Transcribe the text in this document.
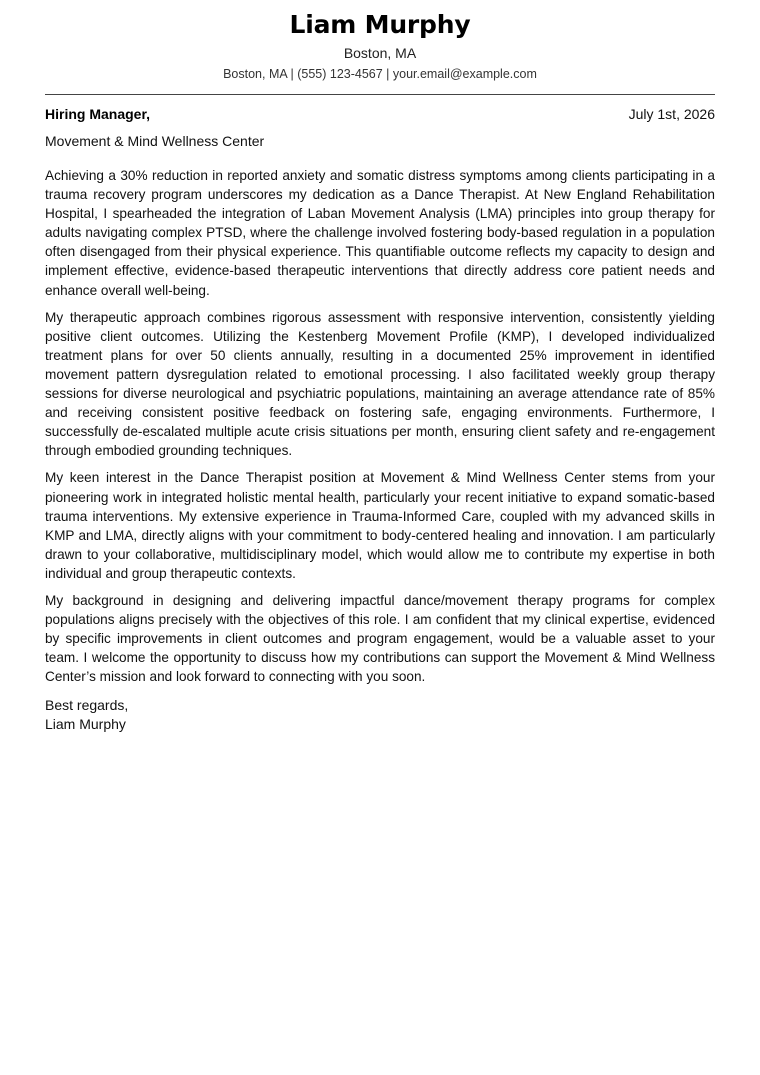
Liam Murphy
Boston, MA
Boston, MA | (555) 123-4567 | your.email@example.com
Hiring Manager,	July 1st, 2026
Movement & Mind Wellness Center

Achieving a 30% reduction in reported anxiety and somatic distress symptoms among clients participating in a trauma recovery program underscores my dedication as a Dance Therapist. At New England Rehabilitation Hospital, I spearheaded the integration of Laban Movement Analysis (LMA) principles into group therapy for adults navigating complex PTSD, where the challenge involved fostering body-based regulation in a population often disengaged from their physical experience. This quantifiable outcome reflects my capacity to design and implement effective, evidence-based therapeutic interventions that directly address core patient needs and enhance overall well-being.

My therapeutic approach combines rigorous assessment with responsive intervention, consistently yielding positive client outcomes. Utilizing the Kestenberg Movement Profile (KMP), I developed individualized treatment plans for over 50 clients annually, resulting in a documented 25% improvement in identified movement pattern dysregulation related to emotional processing. I also facilitated weekly group therapy sessions for diverse neurological and psychiatric populations, maintaining an average attendance rate of 85% and receiving consistent positive feedback on fostering safe, engaging environments. Furthermore, I successfully de-escalated multiple acute crisis situations per month, ensuring client safety and re-engagement through embodied grounding techniques.

My keen interest in the Dance Therapist position at Movement & Mind Wellness Center stems from your pioneering work in integrated holistic mental health, particularly your recent initiative to expand somatic-based trauma interventions. My extensive experience in Trauma-Informed Care, coupled with my advanced skills in KMP and LMA, directly aligns with your commitment to body-centered healing and innovation. I am particularly drawn to your collaborative, multidisciplinary model, which would allow me to contribute my expertise in both individual and group therapeutic contexts.

My background in designing and delivering impactful dance/movement therapy programs for complex populations aligns precisely with the objectives of this role. I am confident that my clinical expertise, evidenced by specific improvements in client outcomes and program engagement, would be a valuable asset to your team. I welcome the opportunity to discuss how my contributions can support the Movement & Mind Wellness Center’s mission and look forward to connecting with you soon.

Best regards,
Liam Murphy
